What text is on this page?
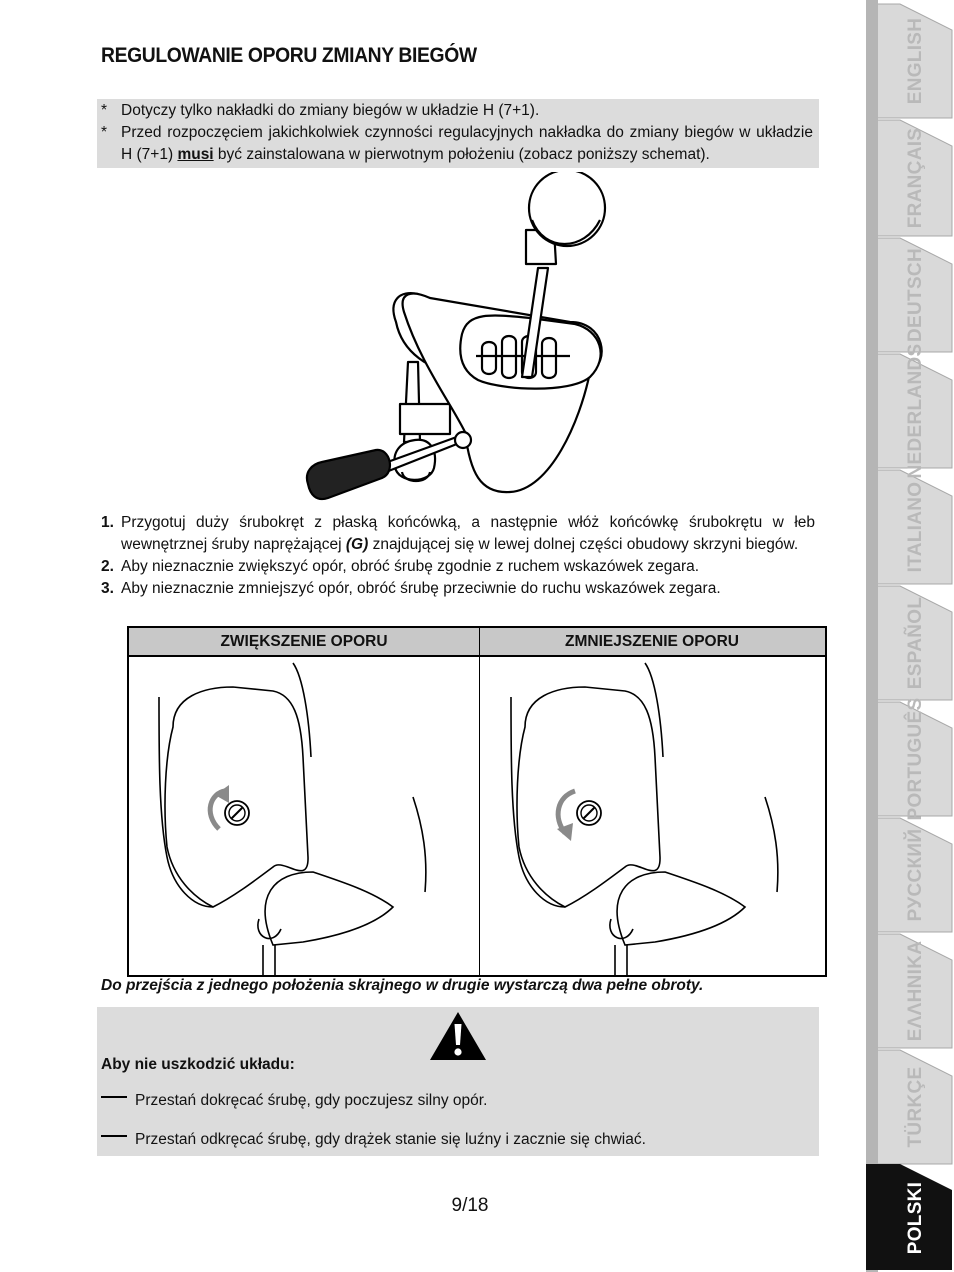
REGULOWANIE OPORU ZMIANY BIEGÓW
* Dotyczy tylko nakładki do zmiany biegów w układzie H (7+1).
* Przed rozpoczęciem jakichkolwiek czynności regulacyjnych nakładka do zmiany biegów w układzie H (7+1) musi być zainstalowana w pierwotnym położeniu (zobacz poniższy schemat).
1. Przygotuj duży śrubokręt z płaską końcówką, a następnie włóż końcówkę śrubokrętu w łeb wewnętrznej śruby naprężającej (G) znajdującej się w lewej dolnej części obudowy skrzyni biegów.
2. Aby nieznacznie zwiększyć opór, obróć śrubę zgodnie z ruchem wskazówek zegara.
3. Aby nieznacznie zmniejszyć opór, obróć śrubę przeciwnie do ruchu wskazówek zegara.
ZWIĘKSZENIE OPORU	ZMNIEJSZENIE OPORU
Do przejścia z jednego położenia skrajnego w drugie wystarczą dwa pełne obroty.
Aby nie uszkodzić układu:
Przestań dokręcać śrubę, gdy poczujesz silny opór.
Przestań odkręcać śrubę, gdy drążek stanie się luźny i zacznie się chwiać.
9/18
ENGLISH
FRANÇAIS
DEUTSCH
NEDERLANDS
ITALIANO
ESPAÑOL
PORTUGUÊS
РУССКИЙ
ΕΛΛΗΝΙΚΑ
TÜRKÇE
POLSKI
